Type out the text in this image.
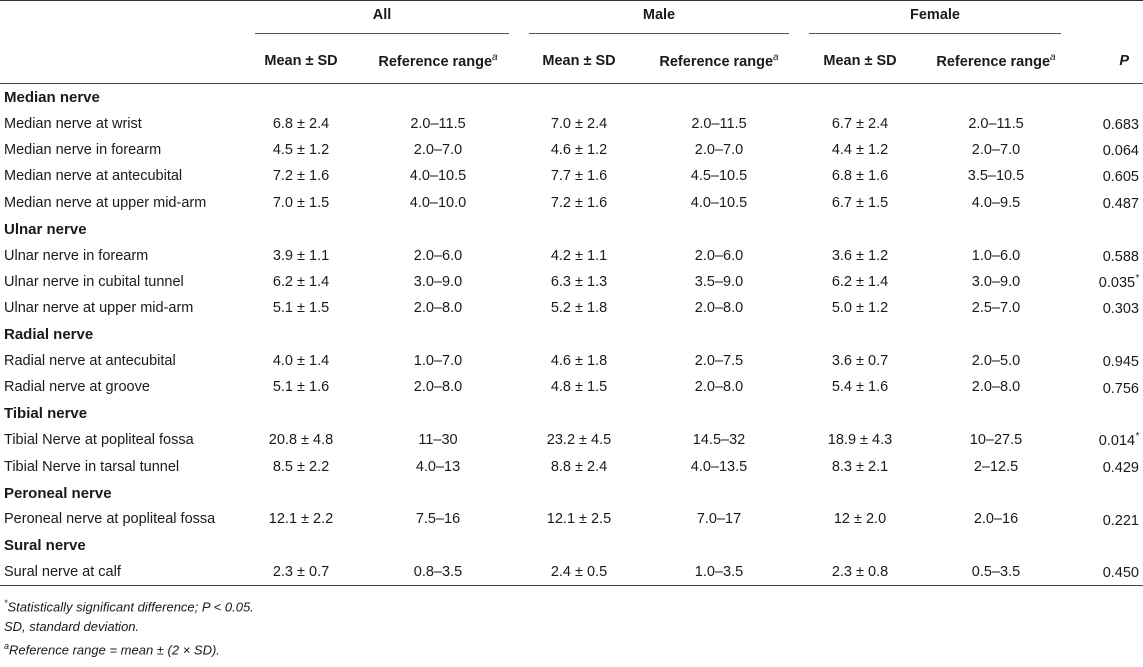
	All		Male		Female		

	Mean ± SD	Reference range$^a$	Mean ± SD	Reference range$^a$	Mean ± SD	Reference range$^a$	P
Median nerve							
Median nerve at wrist	6.8 ± 2.4	2.0–11.5	7.0 ± 2.4	2.0–11.5	6.7 ± 2.4	2.0–11.5	0.683
Median nerve in forearm	4.5 ± 1.2	2.0–7.0	4.6 ± 1.2	2.0–7.0	4.4 ± 1.2	2.0–7.0	0.064
Median nerve at antecubital	7.2 ± 1.6	4.0–10.5	7.7 ± 1.6	4.5–10.5	6.8 ± 1.6	3.5–10.5	0.605
Median nerve at upper mid-arm	7.0 ± 1.5	4.0–10.0	7.2 ± 1.6	4.0–10.5	6.7 ± 1.5	4.0–9.5	0.487
Ulnar nerve							
Ulnar nerve in forearm	3.9 ± 1.1	2.0–6.0	4.2 ± 1.1	2.0–6.0	3.6 ± 1.2	1.0–6.0	0.588
Ulnar nerve in cubital tunnel	6.2 ± 1.4	3.0–9.0	6.3 ± 1.3	3.5–9.0	6.2 ± 1.4	3.0–9.0	0.035*
Ulnar nerve at upper mid-arm	5.1 ± 1.5	2.0–8.0	5.2 ± 1.8	2.0–8.0	5.0 ± 1.2	2.5–7.0	0.303
Radial nerve							
Radial nerve at antecubital	4.0 ± 1.4	1.0–7.0	4.6 ± 1.8	2.0–7.5	3.6 ± 0.7	2.0–5.0	0.945
Radial nerve at groove	5.1 ± 1.6	2.0–8.0	4.8 ± 1.5	2.0–8.0	5.4 ± 1.6	2.0–8.0	0.756
Tibial nerve							
Tibial Nerve at popliteal fossa	20.8 ± 4.8	11–30	23.2 ± 4.5	14.5–32	18.9 ± 4.3	10–27.5	0.014*
Tibial Nerve in tarsal tunnel	8.5 ± 2.2	4.0–13	8.8 ± 2.4	4.0–13.5	8.3 ± 2.1	2–12.5	0.429
Peroneal nerve							
Peroneal nerve at popliteal fossa	12.1 ± 2.2	7.5–16	12.1 ± 2.5	7.0–17	12 ± 2.0	2.0–16	0.221
Sural nerve							
Sural nerve at calf	2.3 ± 0.7	0.8–3.5	2.4 ± 0.5	1.0–3.5	2.3 ± 0.8	0.5–3.5	0.450
*Statistically significant difference; P < 0.05.
SD, standard deviation.
$^a$Reference range = mean ± (2 × SD).
